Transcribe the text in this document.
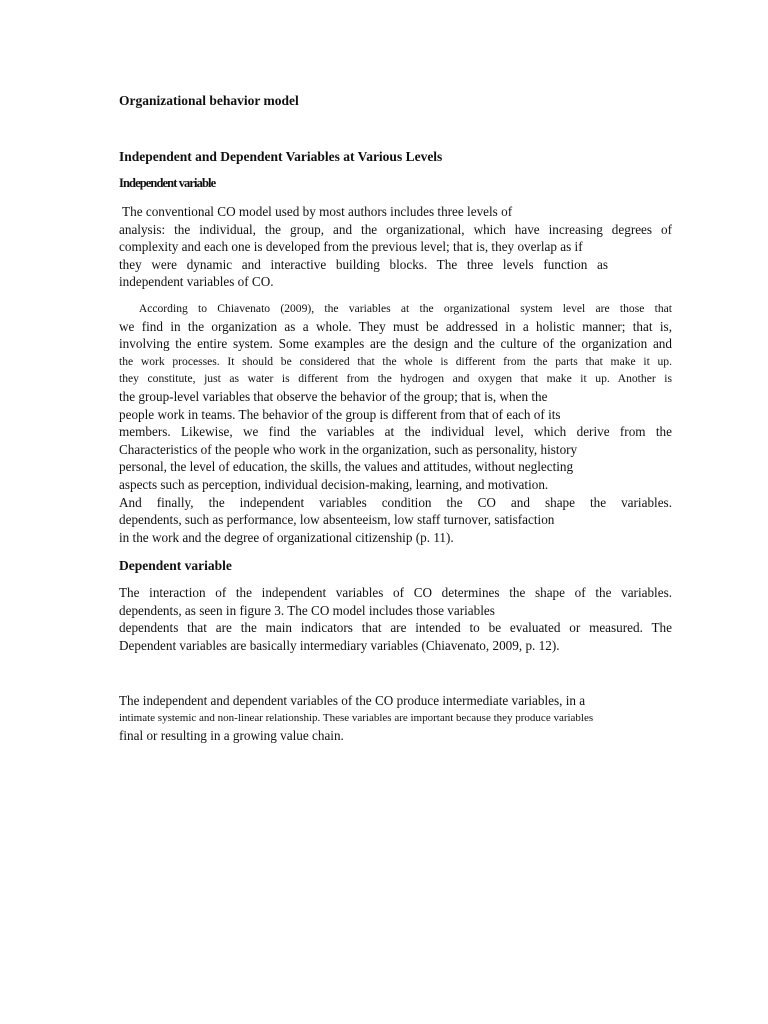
Organizational behavior model
Independent and Dependent Variables at Various Levels
Independent variable
The conventional CO model used by most authors includes three levels of
analysis: the individual, the group, and the organizational, which have increasing degrees of
complexity and each one is developed from the previous level; that is, they overlap as if
they were dynamic and interactive building blocks. The three levels function as
independent variables of CO.
According to Chiavenato (2009), the variables at the organizational system level are those that
we find in the organization as a whole. They must be addressed in a holistic manner; that is,
involving the entire system. Some examples are the design and the culture of the organization and
the work processes. It should be considered that the whole is different from the parts that make it up.
they constitute, just as water is different from the hydrogen and oxygen that make it up. Another is
the group-level variables that observe the behavior of the group; that is, when the
people work in teams. The behavior of the group is different from that of each of its
members. Likewise, we find the variables at the individual level, which derive from the
Characteristics of the people who work in the organization, such as personality, history
personal, the level of education, the skills, the values and attitudes, without neglecting
aspects such as perception, individual decision-making, learning, and motivation.
And finally, the independent variables condition the CO and shape the variables.
dependents, such as performance, low absenteeism, low staff turnover, satisfaction
in the work and the degree of organizational citizenship (p. 11).
Dependent variable
The interaction of the independent variables of CO determines the shape of the variables.
dependents, as seen in figure 3. The CO model includes those variables
dependents that are the main indicators that are intended to be evaluated or measured. The
Dependent variables are basically intermediary variables (Chiavenato, 2009, p. 12).
The independent and dependent variables of the CO produce intermediate variables, in a
intimate systemic and non-linear relationship. These variables are important because they produce variables
final or resulting in a growing value chain.
